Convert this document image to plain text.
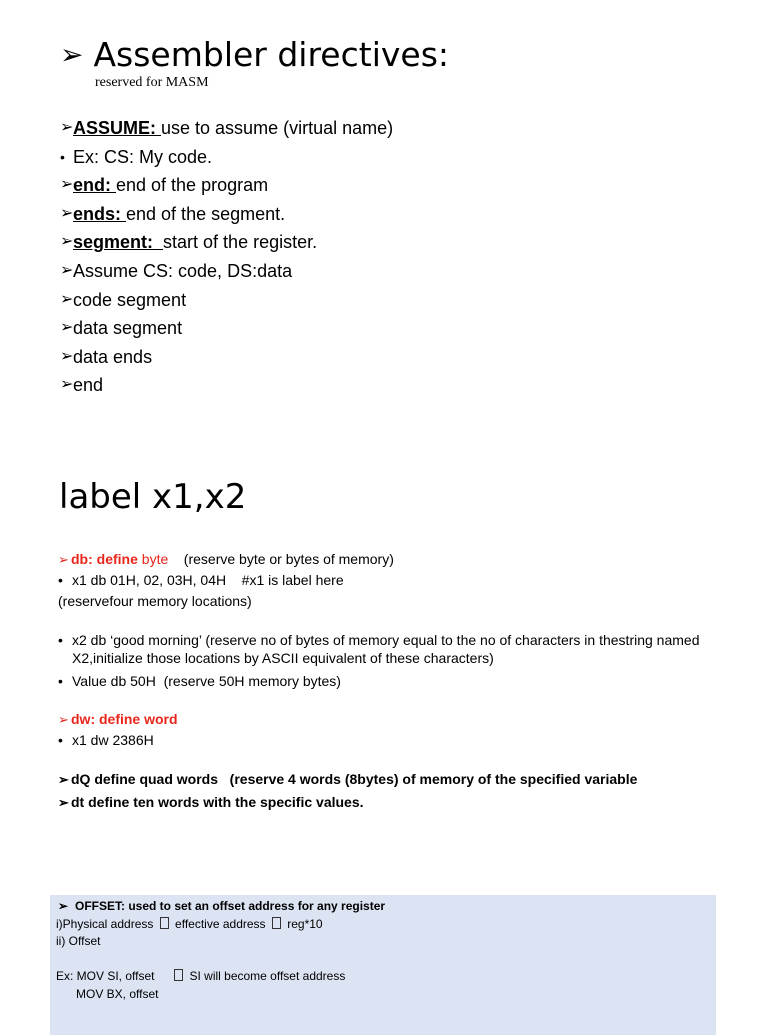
➢ Assembler directives:
reserved for MASM
➢ ASSUME: use to assume (virtual name)
• Ex: CS: My code.
➢ end: end of the program
➢ ends: end of the segment.
➢ segment: start of the register.
➢ Assume CS: code, DS:data
➢ code segment
➢ data segment
➢ data ends
➢ end
label x1,x2
➢ db: define byte    (reserve byte or bytes of memory)
• x1 db 01H, 02, 03H, 04H    #x1 is label here
(reservefour memory locations)
• x2 db ‘good morning’ (reserve no of bytes of memory equal to the no of characters in thestring named X2,initialize those locations by ASCII equivalent of these characters)
• Value db 50H  (reserve 50H memory bytes)
➢ dw: define word
• x1 dw 2386H
➢ dQ define quad words   (reserve 4 words (8bytes) of memory of the specified variable
➢ dt define ten words with the specific values.
➢ OFFSET: used to set an offset address for any register
i)Physical address  effective address  reg*10
ii) Offset
Ex: MOV SI, offset      SI will become offset address
MOV BX, offset
